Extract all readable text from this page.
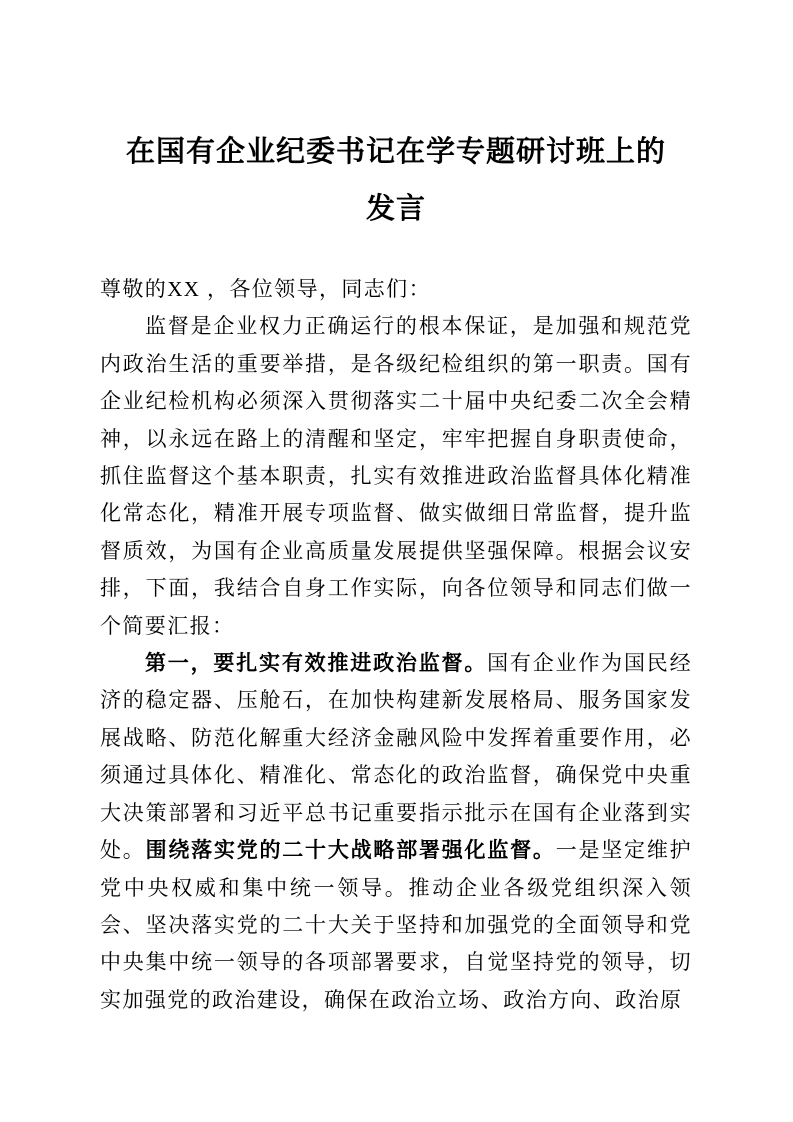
在国有企业纪委书记在学专题研讨班上的
发言

尊敬的XX ，各位领导，同志们：

监督是企业权力正确运行的根本保证，是加强和规范党内政治生活的重要举措，是各级纪检组织的第一职责。国有企业纪检机构必须深入贯彻落实二十届中央纪委二次全会精神，以永远在路上的清醒和坚定，牢牢把握自身职责使命，抓住监督这个基本职责，扎实有效推进政治监督具体化精准化常态化，精准开展专项监督、做实做细日常监督，提升监督质效，为国有企业高质量发展提供坚强保障。根据会议安排，下面，我结合自身工作实际，向各位领导和同志们做一个简要汇报：

第一，要扎实有效推进政治监督。国有企业作为国民经济的稳定器、压舱石，在加快构建新发展格局、服务国家发展战略、防范化解重大经济金融风险中发挥着重要作用，必须通过具体化、精准化、常态化的政治监督，确保党中央重大决策部署和习近平总书记重要指示批示在国有企业落到实处。围绕落实党的二十大战略部署强化监督。一是坚定维护党中央权威和集中统一领导。推动企业各级党组织深入领会、坚决落实党的二十大关于坚持和加强党的全面领导和党中央集中统一领导的各项部署要求，自觉坚持党的领导，切实加强党的政治建设，确保在政治立场、政治方向、政治原
